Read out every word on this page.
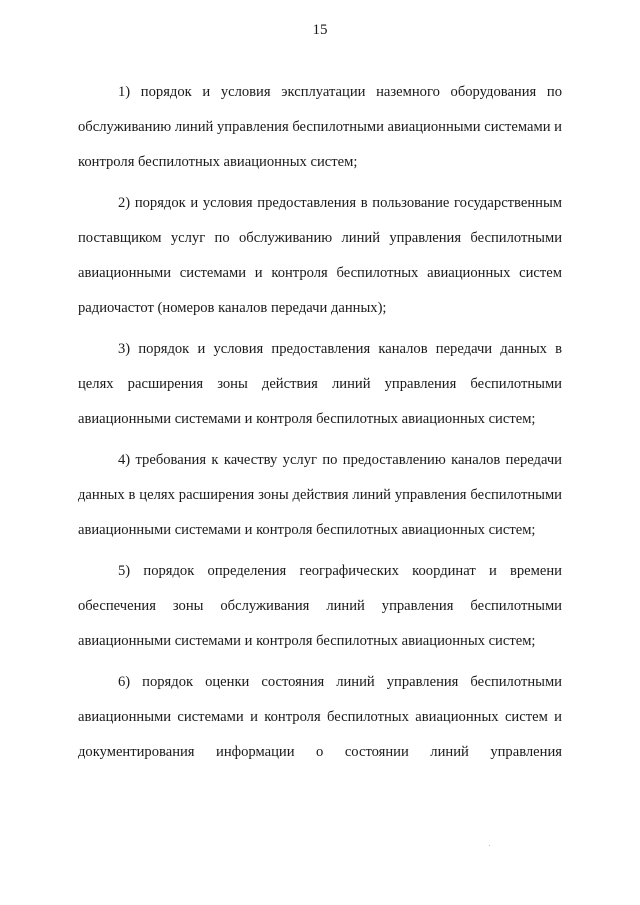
15

1) порядок и условия эксплуатации наземного оборудования по обслуживанию линий управления беспилотными авиационными системами и контроля беспилотных авиационных систем;

2) порядок и условия предоставления в пользование государственным поставщиком услуг по обслуживанию линий управления беспилотными авиационными системами и контроля беспилотных авиационных систем радиочастот (номеров каналов передачи данных);

3) порядок и условия предоставления каналов передачи данных в целях расширения зоны действия линий управления беспилотными авиационными системами и контроля беспилотных авиационных систем;

4) требования к качеству услуг по предоставлению каналов передачи данных в целях расширения зоны действия линий управления беспилотными авиационными системами и контроля беспилотных авиационных систем;

5) порядок определения географических координат и времени обеспечения зоны обслуживания линий управления беспилотными авиационными системами и контроля беспилотных авиационных систем;

6) порядок оценки состояния линий управления беспилотными авиационными системами и контроля беспилотных авиационных систем и документирования информации о состоянии линий управления
